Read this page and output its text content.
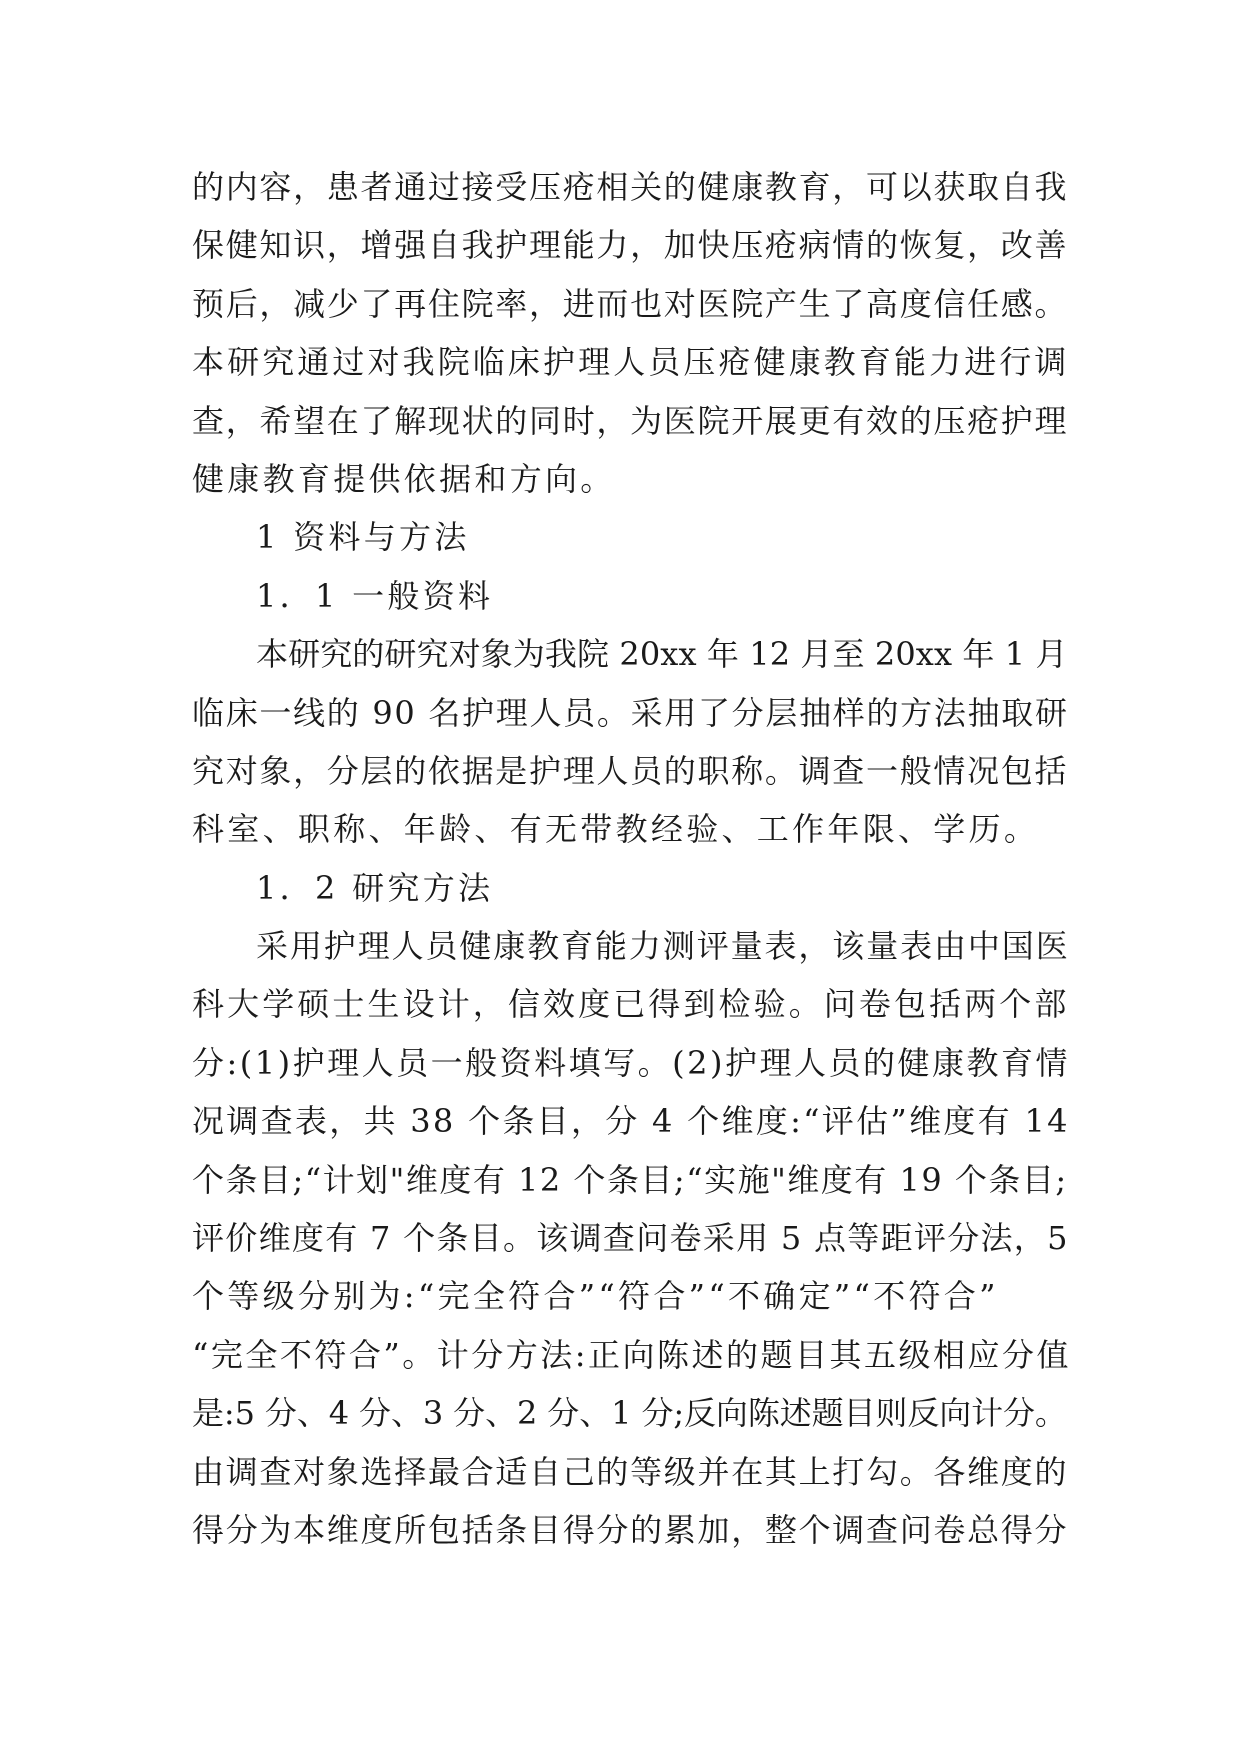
的内容，患者通过接受压疮相关的健康教育，可以获取自我
保健知识，增强自我护理能力，加快压疮病情的恢复，改善
预后，减少了再住院率，进而也对医院产生了高度信任感。
本研究通过对我院临床护理人员压疮健康教育能力进行调
查，希望在了解现状的同时，为医院开展更有效的压疮护理
健康教育提供依据和方向。
1 资料与方法
1．1 一般资料
本研究的研究对象为我院 20xx 年 12 月至 20xx 年 1 月
临床一线的 90 名护理人员。采用了分层抽样的方法抽取研
究对象，分层的依据是护理人员的职称。调查一般情况包括
科室、职称、年龄、有无带教经验、工作年限、学历。
1．2 研究方法
采用护理人员健康教育能力测评量表，该量表由中国医
科大学硕士生设计，信效度已得到检验。问卷包括两个部
分:(1)护理人员一般资料填写。(2)护理人员的健康教育情
况调查表，共 38 个条目，分 4 个维度:“评估”维度有 14
个条目;“计划"维度有 12 个条目;“实施"维度有 19 个条目;
评价维度有 7 个条目。该调查问卷采用 5 点等距评分法，5
个等级分别为:“完全符合”“符合”“不确定”“不符合”
“完全不符合”。计分方法:正向陈述的题目其五级相应分值
是:5 分、4 分、3 分、2 分、1 分;反向陈述题目则反向计分。
由调查对象选择最合适自己的等级并在其上打勾。各维度的
得分为本维度所包括条目得分的累加，整个调查问卷总得分
